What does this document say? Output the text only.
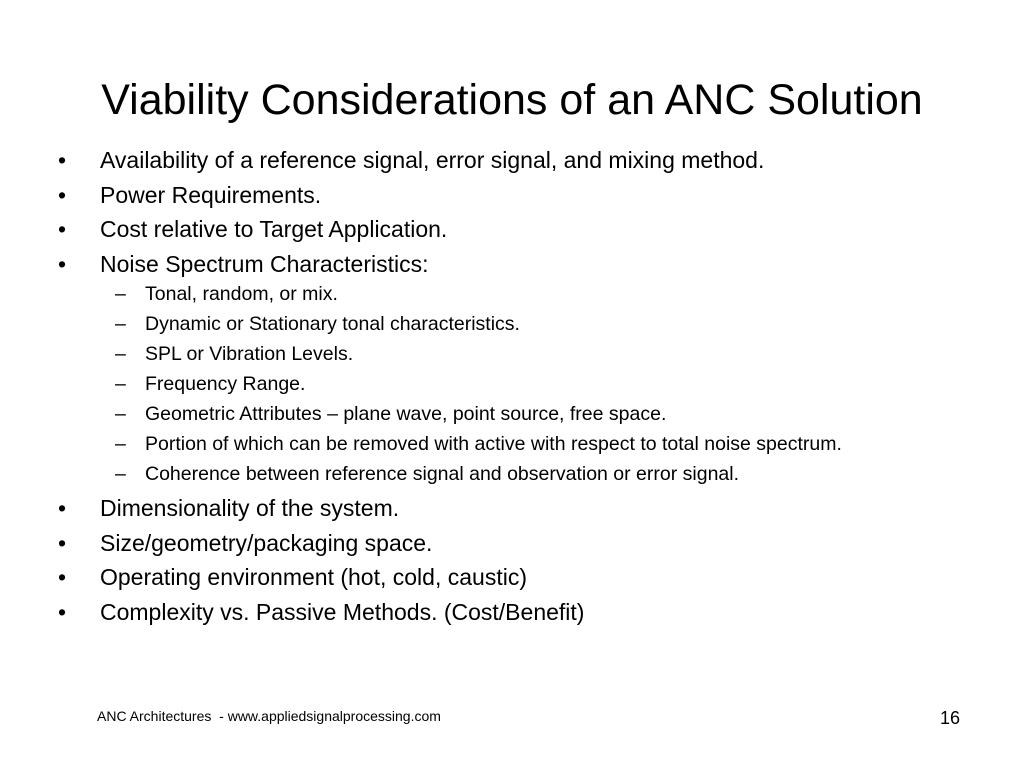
Viability Considerations of an ANC Solution
• Availability of a reference signal, error signal, and mixing method.
• Power Requirements.
• Cost relative to Target Application.
• Noise Spectrum Characteristics:
– Tonal, random, or mix.
– Dynamic or Stationary tonal characteristics.
– SPL or Vibration Levels.
– Frequency Range.
– Geometric Attributes – plane wave, point source, free space.
– Portion of which can be removed with active with respect to total noise spectrum.
– Coherence between reference signal and observation or error signal.
• Dimensionality of the system.
• Size/geometry/packaging space.
• Operating environment (hot, cold, caustic)
• Complexity vs. Passive Methods. (Cost/Benefit)
ANC Architectures  - www.appliedsignalprocessing.com	16
